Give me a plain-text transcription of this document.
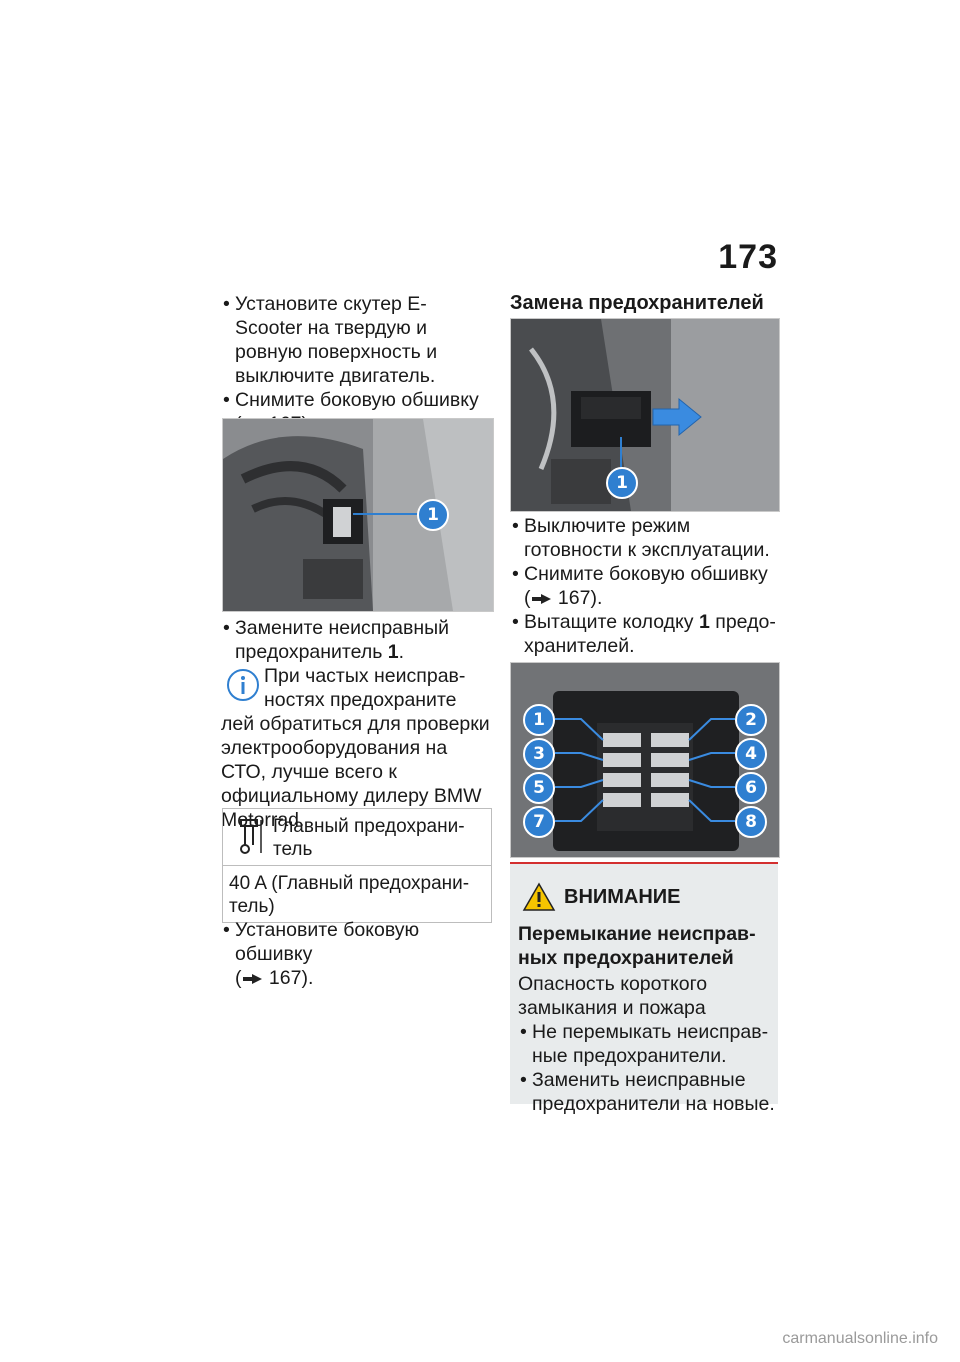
173
• Установите скутер E-Scooter на твердую и ровную поверхность и выключите двигатель.
• Снимите боковую обшивку

1
• Замените неисправный предохранитель 1.
При частых неисправностях предохраните
лей обратиться для проверки электрооборудования на СТО, лучше всего к официальному дилеру BMW Motorrad.
Главный предохранитель
40 A (Главный предохранитель)
• Установите боковую обшивку
( 167).
Замена предохранителей
1
• Выключите режим готовности к эксплуатации.
• Снимите боковую обшивку
( 167).
• Вытащите колодку 1 предохранителей.
1	2
3	4
5	6
7	8
ВНИМАНИЕ
Перемыкание неисправных предохранителей
Опасность короткого замыкания и пожара
• Не перемыкать неисправные предохранители.
• Заменить неисправные предохранители на новые.
carmanualsonline.info
